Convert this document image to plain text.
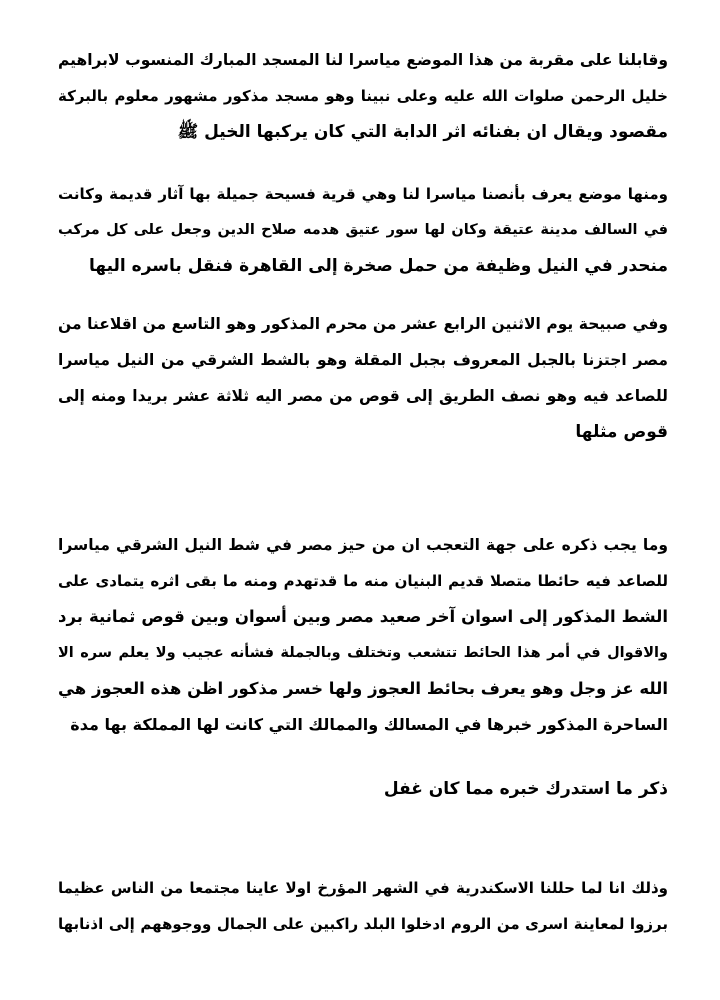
وقابلنا على مقربة من هذا الموضع مياسرا لنا المسجد المبارك المنسوب لابراهيم
خليل الرحمن صلوات الله عليه وعلى نبينا وهو مسجد مذكور مشهور معلوم بالبركة
مقصود ويقال ان بفنائه اثر الدابة التي كان يركبها الخيل ﷺ
ومنها موضع يعرف بأنصنا مياسرا لنا وهي قرية فسيحة جميلة بها آثار قديمة وكانت
في السالف مدينة عتيقة وكان لها سور عتيق هدمه صلاح الدين وجعل على كل مركب
منحدر في النيل وظيفة من حمل صخرة إلى القاهرة فنقل باسره اليها
وفي صبيحة يوم الاثنين الرابع عشر من محرم المذكور وهو التاسع من اقلاعنا من
مصر اجتزنا بالجبل المعروف بجبل المقلة وهو بالشط الشرقي من النيل مياسرا
للصاعد فيه وهو نصف الطريق إلى قوص من مصر اليه ثلاثة عشر بريدا ومنه إلى
قوص مثلها
وما يجب ذكره على جهة التعجب ان من حيز مصر في شط النيل الشرقي مياسرا
للصاعد فيه حائطا متصلا قديم البنيان منه ما قدتهدم ومنه ما بقى اثره يتمادى على
الشط المذكور إلى اسوان آخر صعيد مصر وبين أسوان وبين قوص ثمانية برد
والاقوال في أمر هذا الحائط تتشعب وتختلف وبالجملة فشأنه عجيب ولا يعلم سره الا
الله عز وجل وهو يعرف بحائط العجوز ولها خسر مذكور اظن هذه العجوز هي
الساحرة المذكور خبرها في المسالك والممالك التي كانت لها المملكة بها مدة
ذكر ما استدرك خبره مما كان غفل
وذلك انا لما حللنا الاسكندرية في الشهر المؤرخ اولا عاينا مجتمعا من الناس عظيما
برزوا لمعاينة اسرى من الروم ادخلوا البلد راكبين على الجمال ووجوههم إلى اذنابها
